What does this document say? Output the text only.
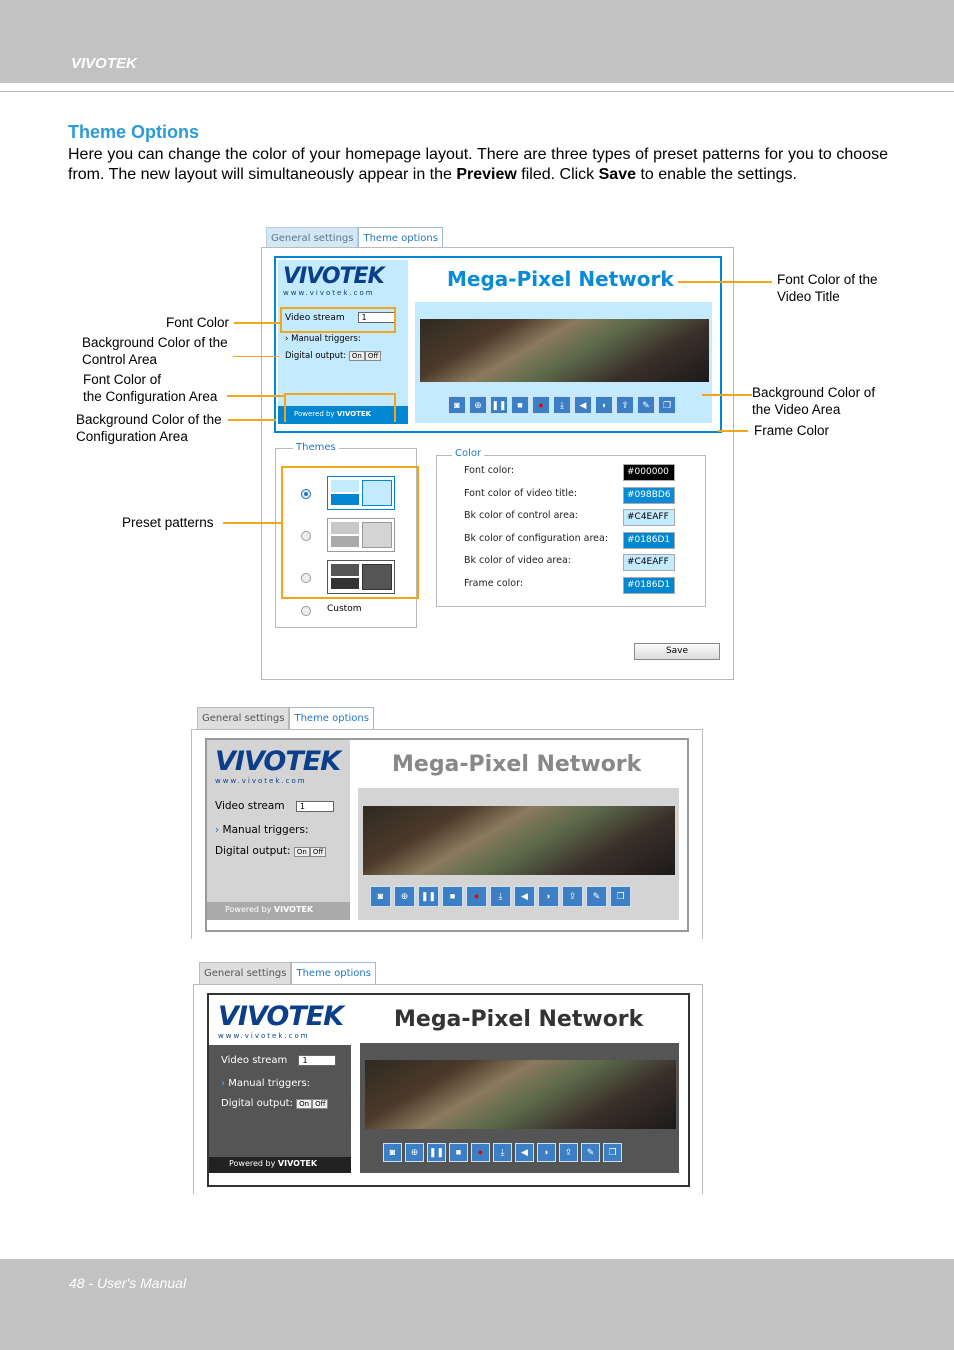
VIVOTEK
48 - User's Manual
Theme Options
Here you can change the color of your homepage layout. There are three types of preset patterns for you to choose from. The new layout will simultaneously appear in the Preview filed. Click Save to enable the settings.
General settings	Theme options
VIVOTEK
www.vivotek.com
Mega-Pixel Network
Video stream 1
› Manual triggers:
Digital output: On Off
Powered by VIVOTEK
◙	⊕	❚❚	■	●	⤓	◀	◗	⇪	✎	❐
Themes
Custom
Color
Font color:	#000000
Font color of video title:	#098BD6
Bk color of control area:	#C4EAFF
Bk color of configuration area:	#0186D1
Bk color of video area:	#C4EAFF
Frame color:	#0186D1
Save
Font Color
Background Color of the
Control Area
Font Color of
the Configuration Area
Background Color of the
Configuration Area
Preset patterns
Font Color of the
Video Title
Background Color of
the Video Area
Frame Color
General settings	Theme options
VIVOTEK
www.vivotek.com
Mega-Pixel Network
Video stream 1
› Manual triggers:
Digital output: On Off
Powered by VIVOTEK
◙	⊕	❚❚	■	●	⤓	◀	◗	⇪	✎	❐
General settings	Theme options
VIVOTEK
www.vivotek.com
Mega-Pixel Network
Video stream 1
› Manual triggers:
Digital output: On Off
Powered by VIVOTEK
◙	⊕	❚❚	■	●	⤓	◀	◗	⇪	✎	❐
